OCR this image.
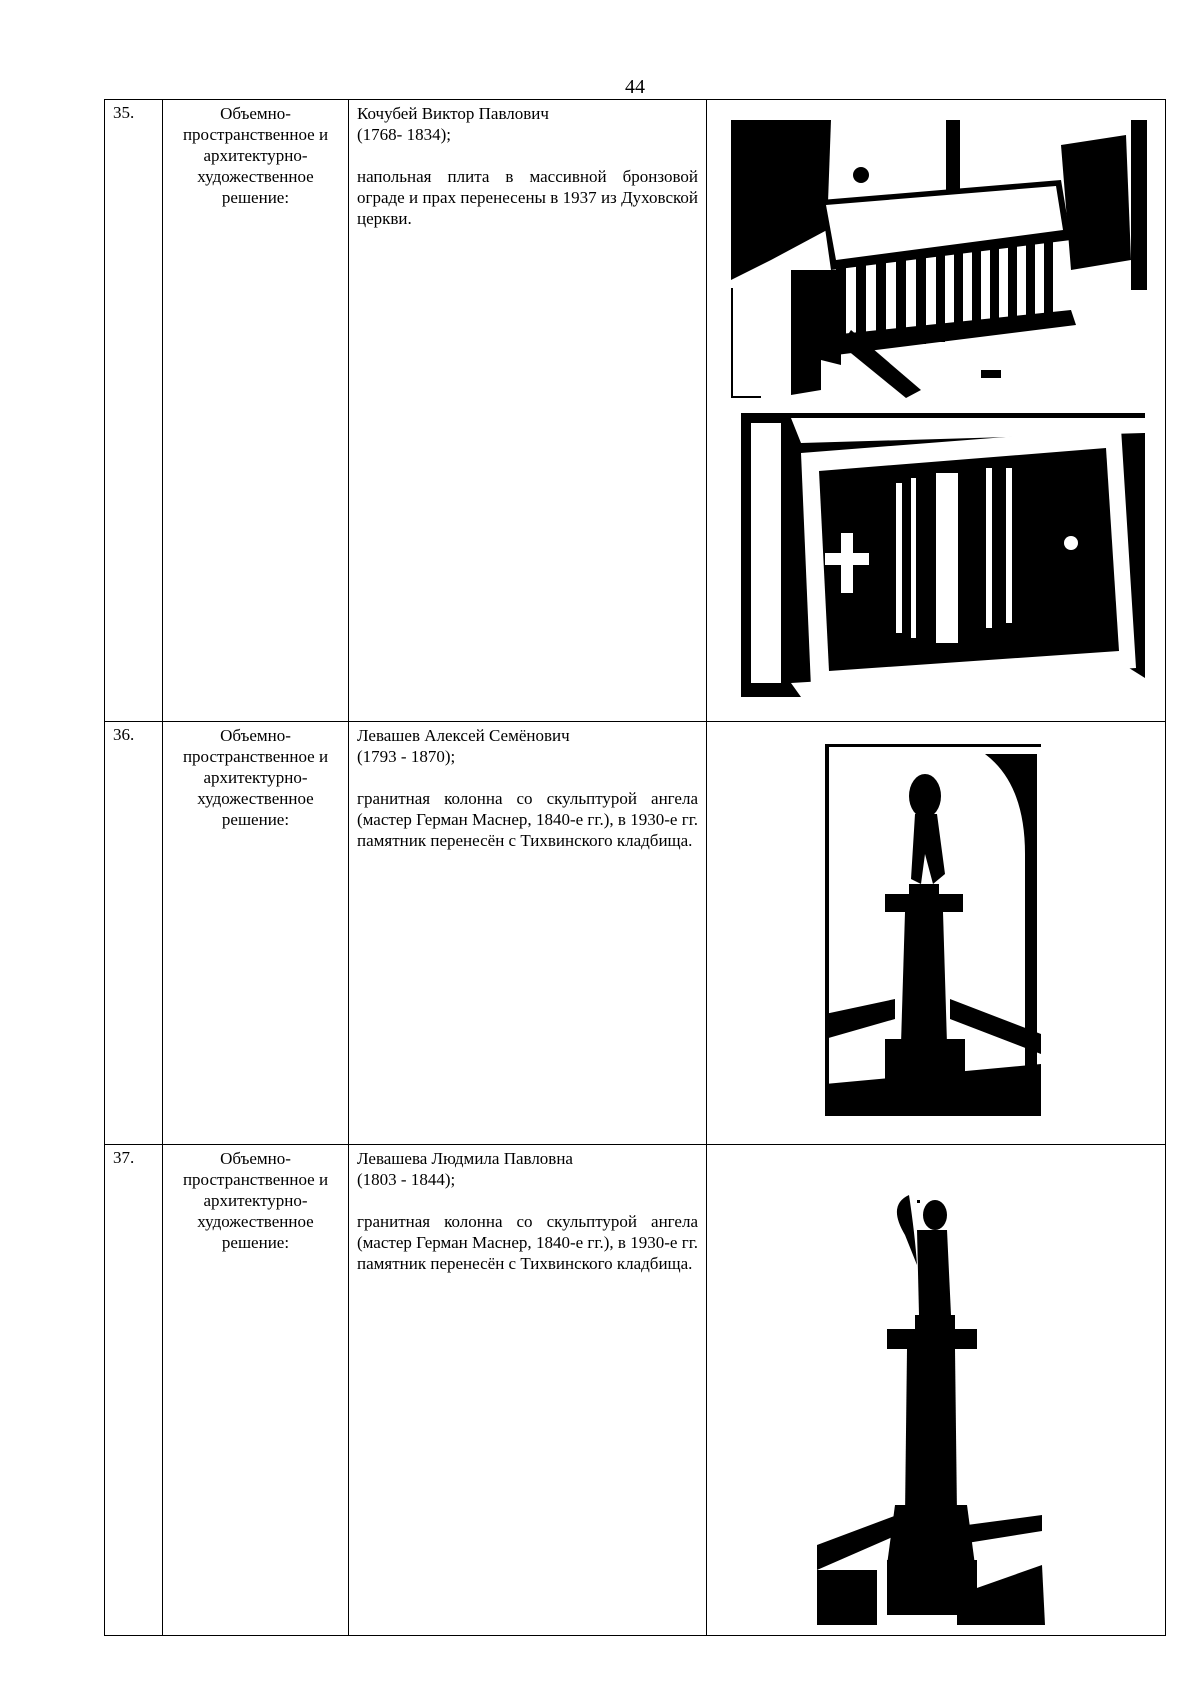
44
35.	Объемно-пространственное и архитектурно-художественное решение:	Кочубей Виктор Павлович

(1768- 1834);

напольная плита в массивной бронзовой ограде и прах перенесены в 1937 из Духовской церкви.

36.	Объемно-пространственное и архитектурно-художественное решение:	Левашев Алексей Семёнович

(1793 - 1870);

гранитная колонна со скульптурой ангела (мастер Герман Маснер, 1840-е гг.), в 1930-е гг. памятник перенесён с Тихвинского кладбища.

37.	Объемно-пространственное и архитектурно-художественное решение:	Левашева Людмила Павловна

(1803 - 1844);

гранитная колонна со скульптурой ангела (мастер Герман Маснер, 1840-е гг.), в 1930-е гг. памятник перенесён с Тихвинского кладбища.
